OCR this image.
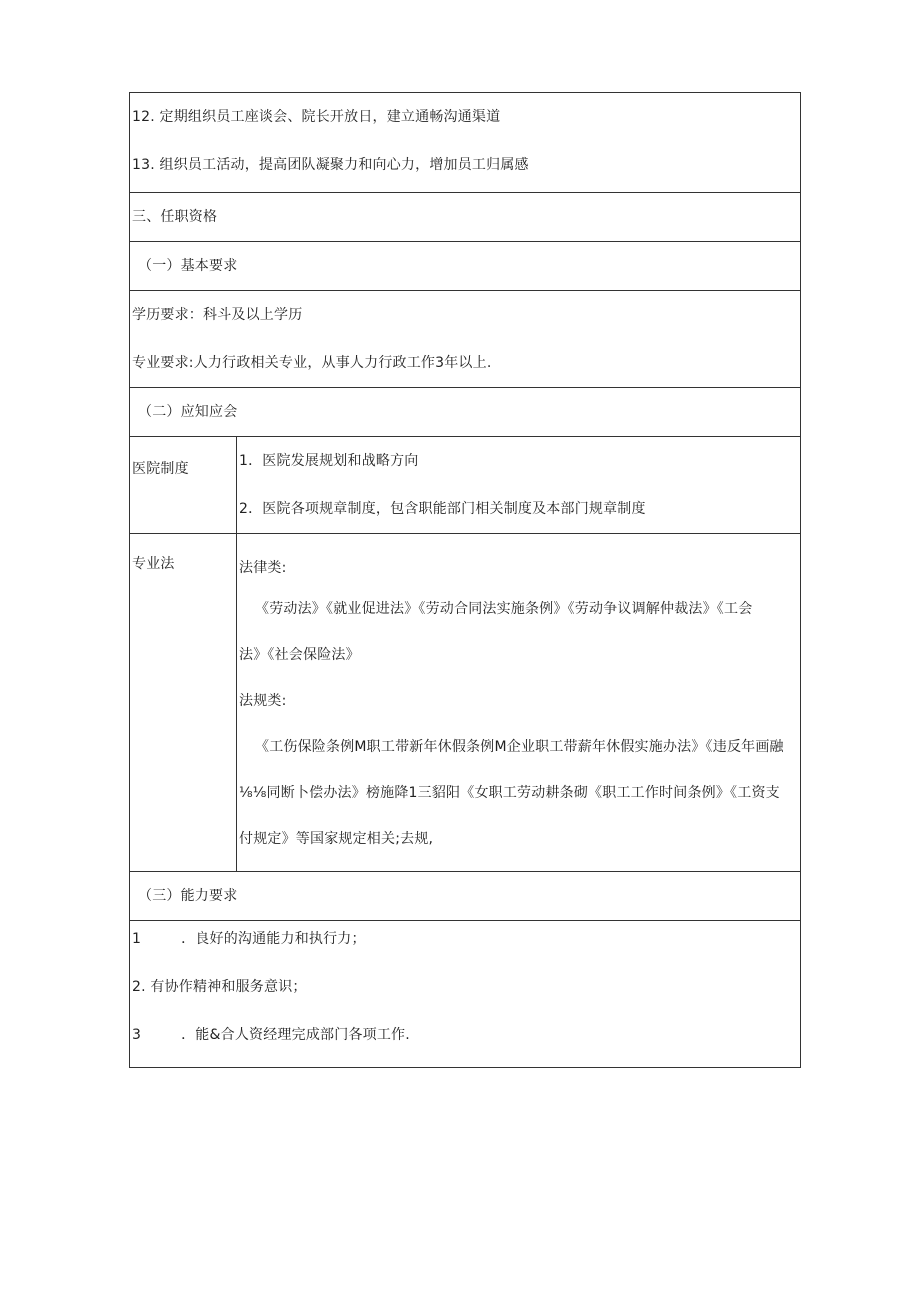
12. 定期组织员工座谈会、院长开放日，建立通畅沟通渠道
13. 组织员工活动，提高团队凝聚力和向心力，增加员工归属感
三、任职资格
（一）基本要求
学历要求：科斗及以上学历
专业要求:人力行政相关专业，从事人力行政工作3年以上.
（二）应知应会
医院制度	1．医院发展规划和战略方向
2．医院各项规章制度，包含职能部门相关制度及本部门规章制度
专业法	法律类:
《劳动法》《就业促进法》《劳动合同法实施条例》《劳动争议调解仲裁法》《工会
法》《社会保险法》
法规类:
《工伤保险条例M职工带新年休假条例M企业职工带薪年休假实施办法》《违反年画融
⅛⅛同断卜偿办法》榜施降1三貂阳《女职工劳动耕条砌《职工工作时间条例》《工资支
付规定》等国家规定相关;去规,
（三）能力要求
1	．良好的沟通能力和执行力；
2. 有协作精神和服务意识；
3	．能&合人资经理完成部门各项工作.
